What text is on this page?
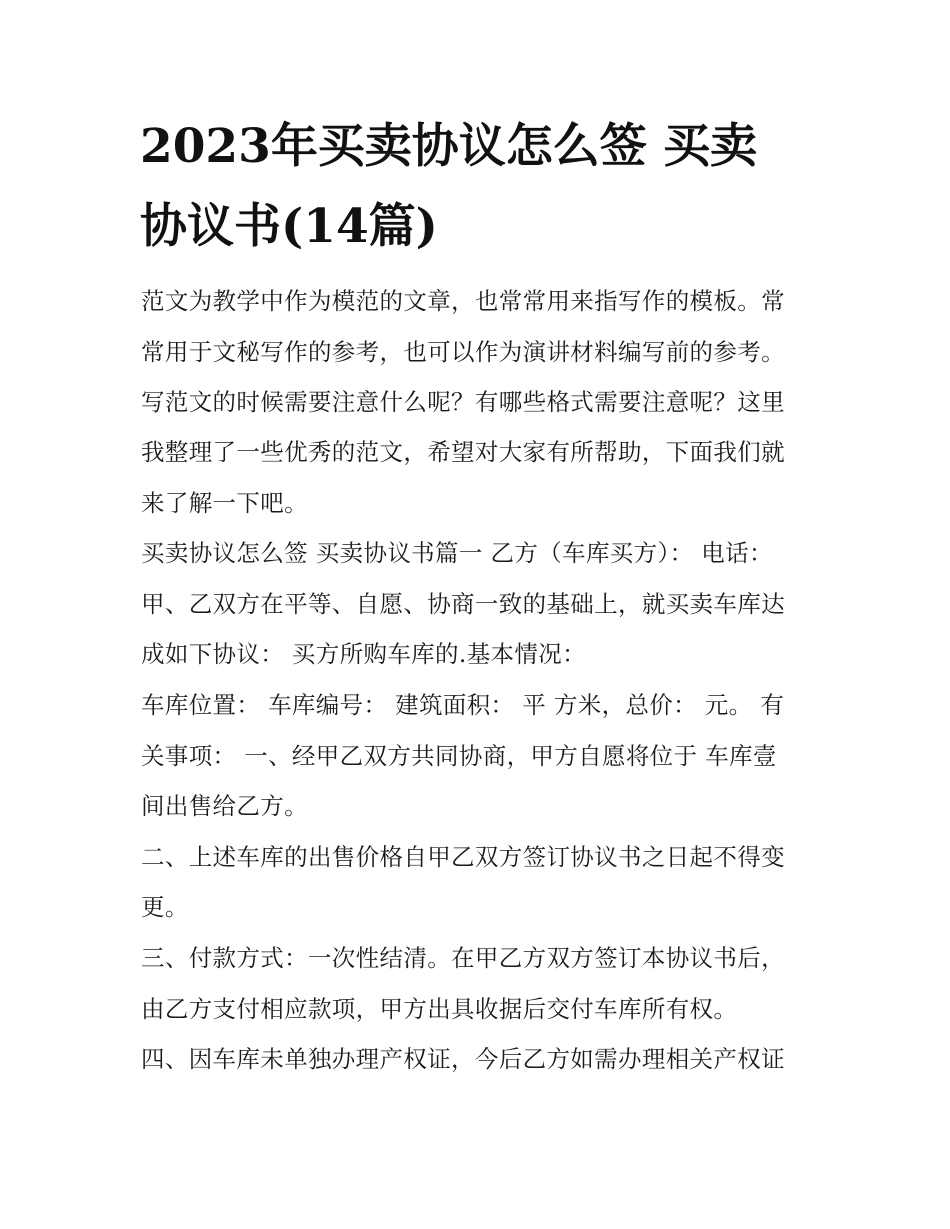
2023年买卖协议怎么签 买卖
协议书(14篇)

范文为教学中作为模范的文章，也常常用来指写作的模板。常

常用于文秘写作的参考，也可以作为演讲材料编写前的参考。

写范文的时候需要注意什么呢？有哪些格式需要注意呢？这里

我整理了一些优秀的范文，希望对大家有所帮助，下面我们就

来了解一下吧。

买卖协议怎么签 买卖协议书篇一 乙方（车库买方）： 电话：

甲、乙双方在平等、自愿、协商一致的基础上，就买卖车库达

成如下协议： 买方所购车库的.基本情况：

车库位置： 车库编号： 建筑面积： 平 方米，总价： 元。 有

关事项： 一、经甲乙双方共同协商，甲方自愿将位于 车库壹

间出售给乙方。

二、上述车库的出售价格自甲乙双方签订协议书之日起不得变

更。

三、付款方式：一次性结清。在甲乙方双方签订本协议书后，

由乙方支付相应款项，甲方出具收据后交付车库所有权。

四、因车库未单独办理产权证，今后乙方如需办理相关产权证
